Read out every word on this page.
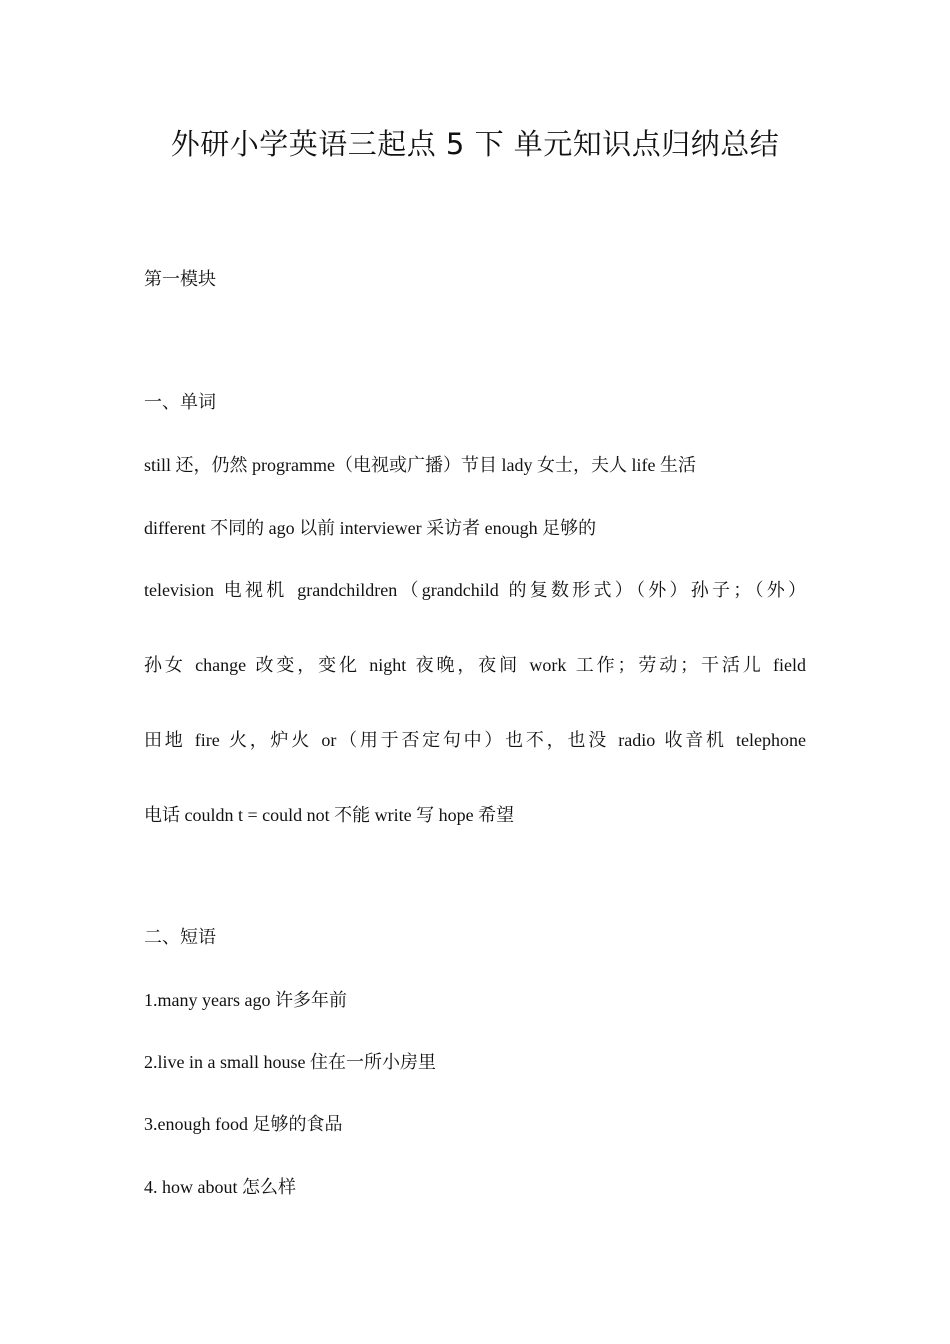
外研小学英语三起点 5 下 单元知识点归纳总结

第一模块

一、单词

still 还，仍然 programme（电视或广播）节目 lady 女士，夫人 life 生活

different 不同的 ago 以前 interviewer 采访者 enough 足够的

television 电视机 grandchildren（grandchild 的复数形式）（外）孙子；（外）

孙女 change 改变，变化 night 夜晚，夜间 work 工作；劳动；干活儿 field

田地 fire 火，炉火 or（用于否定句中）也不，也没 radio 收音机 telephone

电话 couldn t = could not 不能 write 写 hope 希望

二、短语

1.many years ago 许多年前

2.live in a small house 住在一所小房里

3.enough food 足够的食品

4. how about 怎么样
